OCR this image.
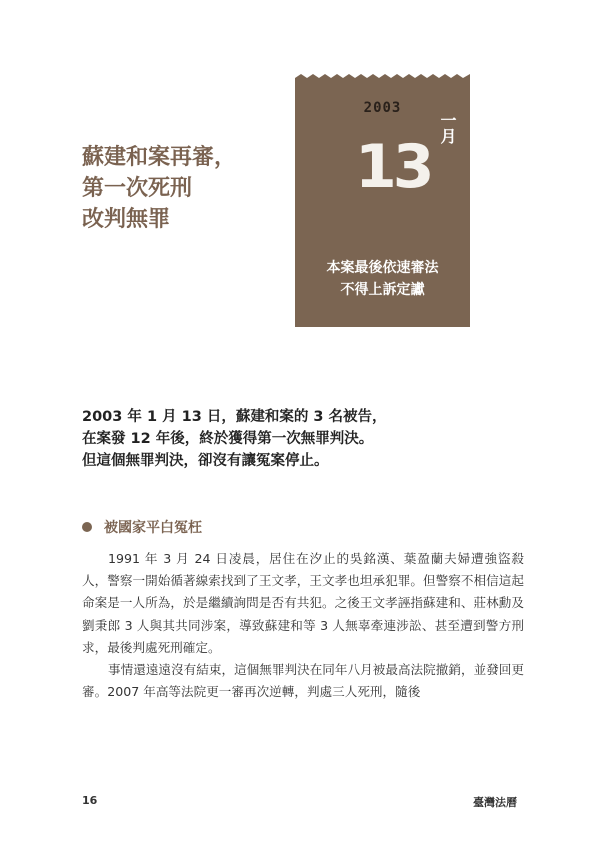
蘇建和案再審，
第一次死刑
改判無罪
2003
13
一月
本案最後依速審法
不得上訴定讞
2003 年 1 月 13 日，蘇建和案的 3 名被告，
在案發 12 年後，終於獲得第一次無罪判決。
但這個無罪判決，卻沒有讓冤案停止。
被國家平白冤枉

1991 年 3 月 24 日凌晨，居住在汐止的吳銘漢、葉盈蘭夫婦遭強盜殺人，警察一開始循著線索找到了王文孝，王文孝也坦承犯罪。但警察不相信這起命案是一人所為，於是繼續詢問是否有共犯。之後王文孝誣指蘇建和、莊林勳及劉秉郎 3 人與其共同涉案，導致蘇建和等 3 人無辜牽連涉訟、甚至遭到警方刑求，最後判處死刑確定。

事情還遠遠沒有結束，這個無罪判決在同年八月被最高法院撤銷，並發回更審。2007 年高等法院更一審再次逆轉，判處三人死刑，隨後

16	臺灣法曆
